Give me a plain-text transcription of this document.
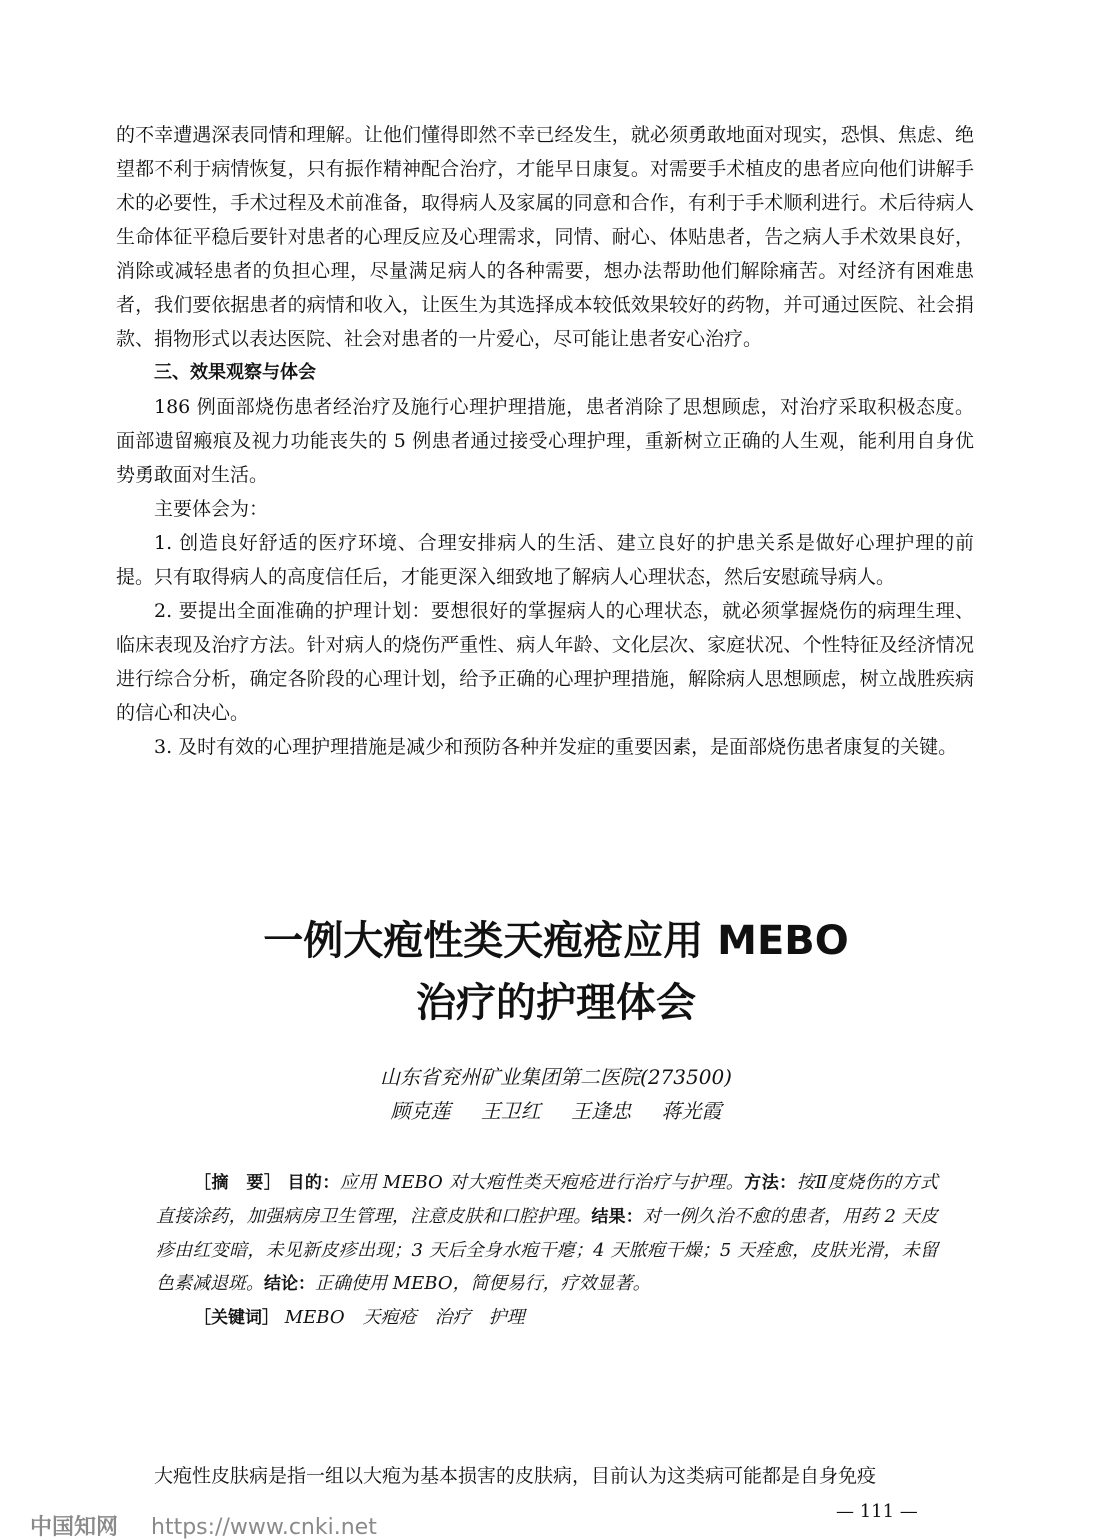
的不幸遭遇深表同情和理解。让他们懂得即然不幸已经发生，就必须勇敢地面对现实，恐惧、焦虑、绝望都不利于病情恢复，只有振作精神配合治疗，才能早日康复。对需要手术植皮的患者应向他们讲解手术的必要性，手术过程及术前准备，取得病人及家属的同意和合作，有利于手术顺利进行。术后待病人生命体征平稳后要针对患者的心理反应及心理需求，同情、耐心、体贴患者，告之病人手术效果良好，消除或减轻患者的负担心理，尽量满足病人的各种需要，想办法帮助他们解除痛苦。对经济有困难患者，我们要依据患者的病情和收入，让医生为其选择成本较低效果较好的药物，并可通过医院、社会捐款、捐物形式以表达医院、社会对患者的一片爱心，尽可能让患者安心治疗。

三、效果观察与体会

186 例面部烧伤患者经治疗及施行心理护理措施，患者消除了思想顾虑，对治疗采取积极态度。面部遗留瘢痕及视力功能丧失的 5 例患者通过接受心理护理，重新树立正确的人生观，能利用自身优势勇敢面对生活。

主要体会为：

1. 创造良好舒适的医疗环境、合理安排病人的生活、建立良好的护患关系是做好心理护理的前提。只有取得病人的高度信任后，才能更深入细致地了解病人心理状态，然后安慰疏导病人。

2. 要提出全面准确的护理计划：要想很好的掌握病人的心理状态，就必须掌握烧伤的病理生理、临床表现及治疗方法。针对病人的烧伤严重性、病人年龄、文化层次、家庭状况、个性特征及经济情况进行综合分析，确定各阶段的心理计划，给予正确的心理护理措施，解除病人思想顾虑，树立战胜疾病的信心和决心。

3. 及时有效的心理护理措施是减少和预防各种并发症的重要因素，是面部烧伤患者康复的关键。

一例大疱性类天疱疮应用 MEBO
治疗的护理体会
山东省兖州矿业集团第二医院(273500)
顾克莲 王卫红 王逢忠 蒋光霞

［摘　要］ 目的：应用 MEBO 对大疱性类天疱疮进行治疗与护理。方法：按Ⅱ度烧伤的方式直接涂药，加强病房卫生管理，注意皮肤和口腔护理。结果：对一例久治不愈的患者，用药 2 天皮疹由红变暗，未见新皮疹出现；3 天后全身水疱干瘪；4 天脓疱干燥；5 天痊愈，皮肤光滑，未留色素减退斑。结论：正确使用 MEBO，简便易行，疗效显著。

［关键词］ MEBO 天疱疮 治疗 护理

大疱性皮肤病是指一组以大疱为基本损害的皮肤病，目前认为这类病可能都是自身免疫
— 111 —
中国知网 https://www.cnki.net
